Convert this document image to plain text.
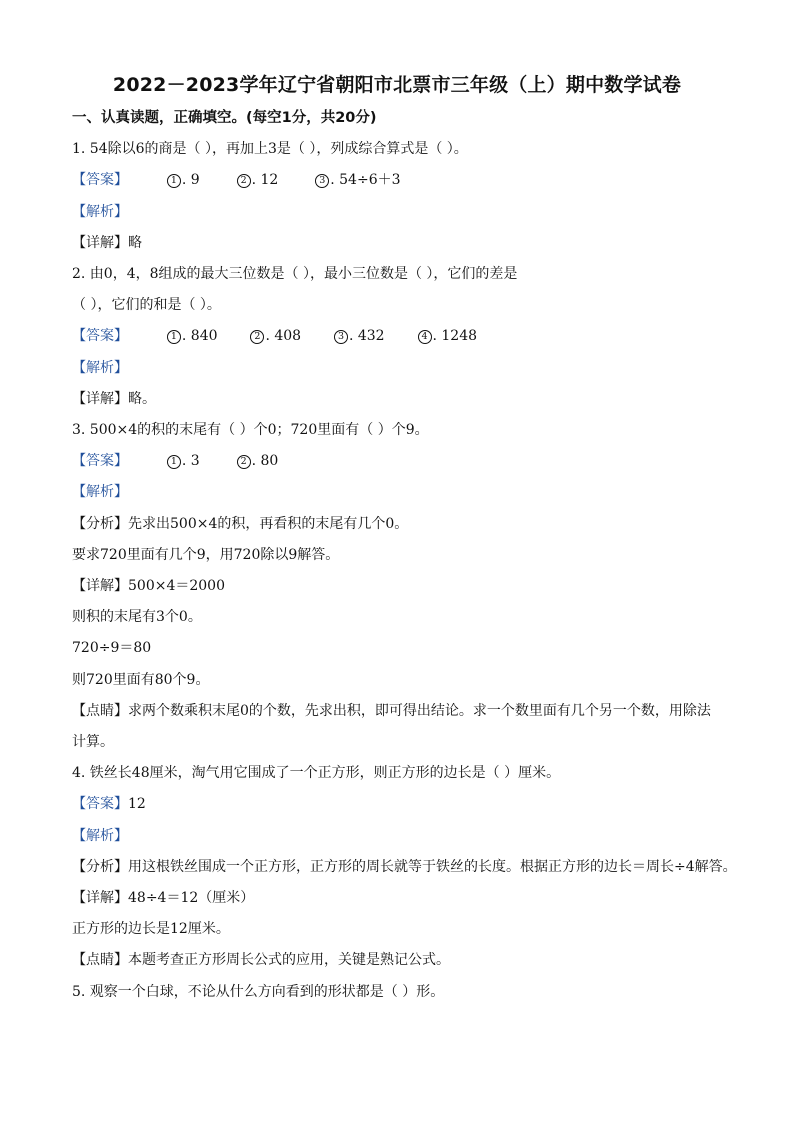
2022－2023学年辽宁省朝阳市北票市三年级（上）期中数学试卷
一、认真读题，正确填空。(每空1分，共20分)
1. 54除以6的商是（ ），再加上3是（ ），列成综合算式是（ ）。
【答案】	1 . 9	2 . 12	3 . 54÷6＋3
【解析】
【详解】略
2. 由0，4，8组成的最大三位数是（ ），最小三位数是（ ），它们的差是
（ ），它们的和是（ ）。
【答案】	1 . 840	2 . 408	3 . 432	4 . 1248
【解析】
【详解】略。
3. 500×4的积的末尾有（ ）个0；720里面有（ ）个9。
【答案】	1 . 3	2 . 80
【解析】
【分析】先求出500×4的积，再看积的末尾有几个0。
要求720里面有几个9，用720除以9解答。
【详解】500×4＝2000
则积的末尾有3个0。
720÷9＝80
则720里面有80个9。
【点睛】求两个数乘积末尾0的个数，先求出积，即可得出结论。求一个数里面有几个另一个数，用除法
计算。
4. 铁丝长48厘米，淘气用它围成了一个正方形，则正方形的边长是（ ）厘米。
【答案】12
【解析】
【分析】用这根铁丝围成一个正方形，正方形的周长就等于铁丝的长度。根据正方形的边长＝周长÷4解答。
【详解】48÷4＝12（厘米）
正方形的边长是12厘米。
【点睛】本题考查正方形周长公式的应用，关键是熟记公式。
5. 观察一个白球，不论从什么方向看到的形状都是（ ）形。
